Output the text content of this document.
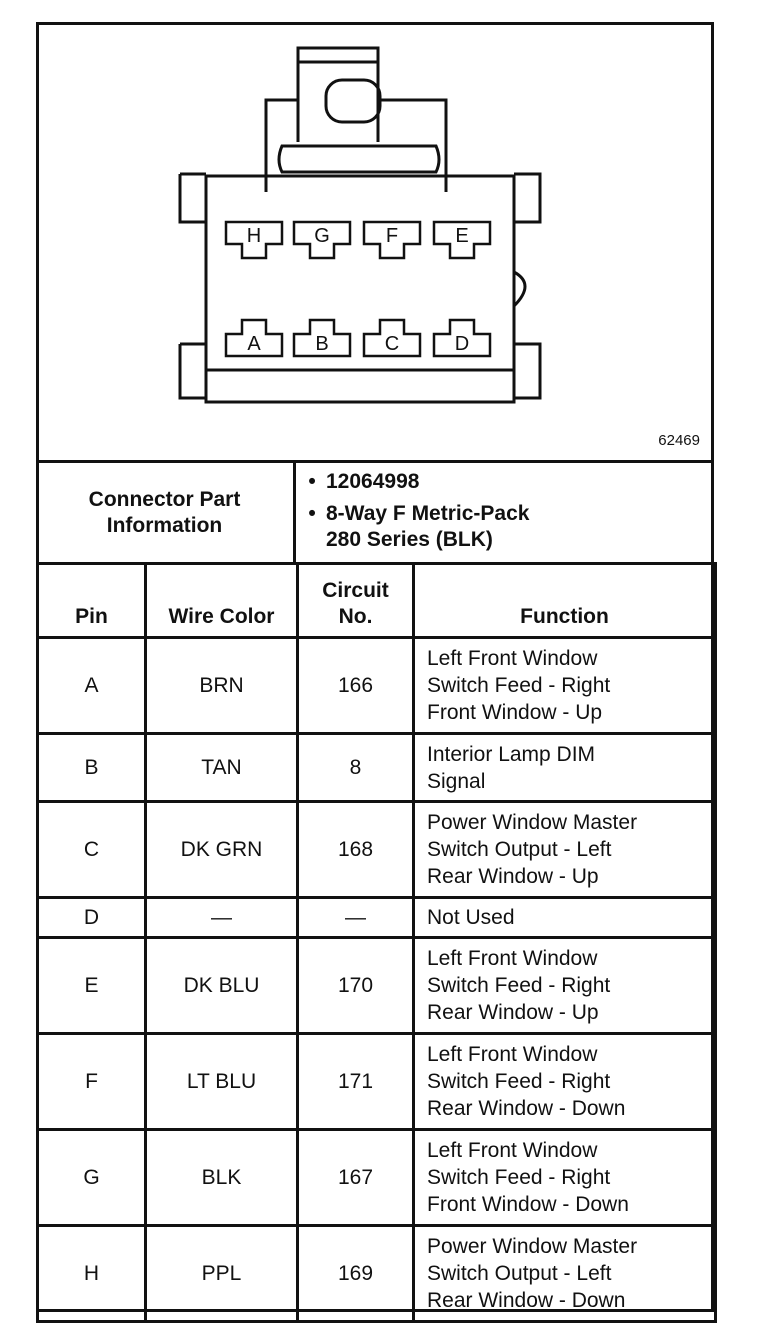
H	G	F	E
A	B	C	D
62469
Connector Part Information
• 12064998
• 8-Way F Metric-Pack
280 Series (BLK)
Pin	Wire Color	Circuit No.	Function
A	BRN	166	Left Front Window
Switch Feed - Right
Front Window - Up
B	TAN	8	Interior Lamp DIM
Signal
C	DK GRN	168	Power Window Master
Switch Output - Left
Rear Window - Up
D	—	—	Not Used
E	DK BLU	170	Left Front Window
Switch Feed - Right
Rear Window - Up
F	LT BLU	171	Left Front Window
Switch Feed - Right
Rear Window - Down
G	BLK	167	Left Front Window
Switch Feed - Right
Front Window - Down
H	PPL	169	Power Window Master
Switch Output - Left
Rear Window - Down
